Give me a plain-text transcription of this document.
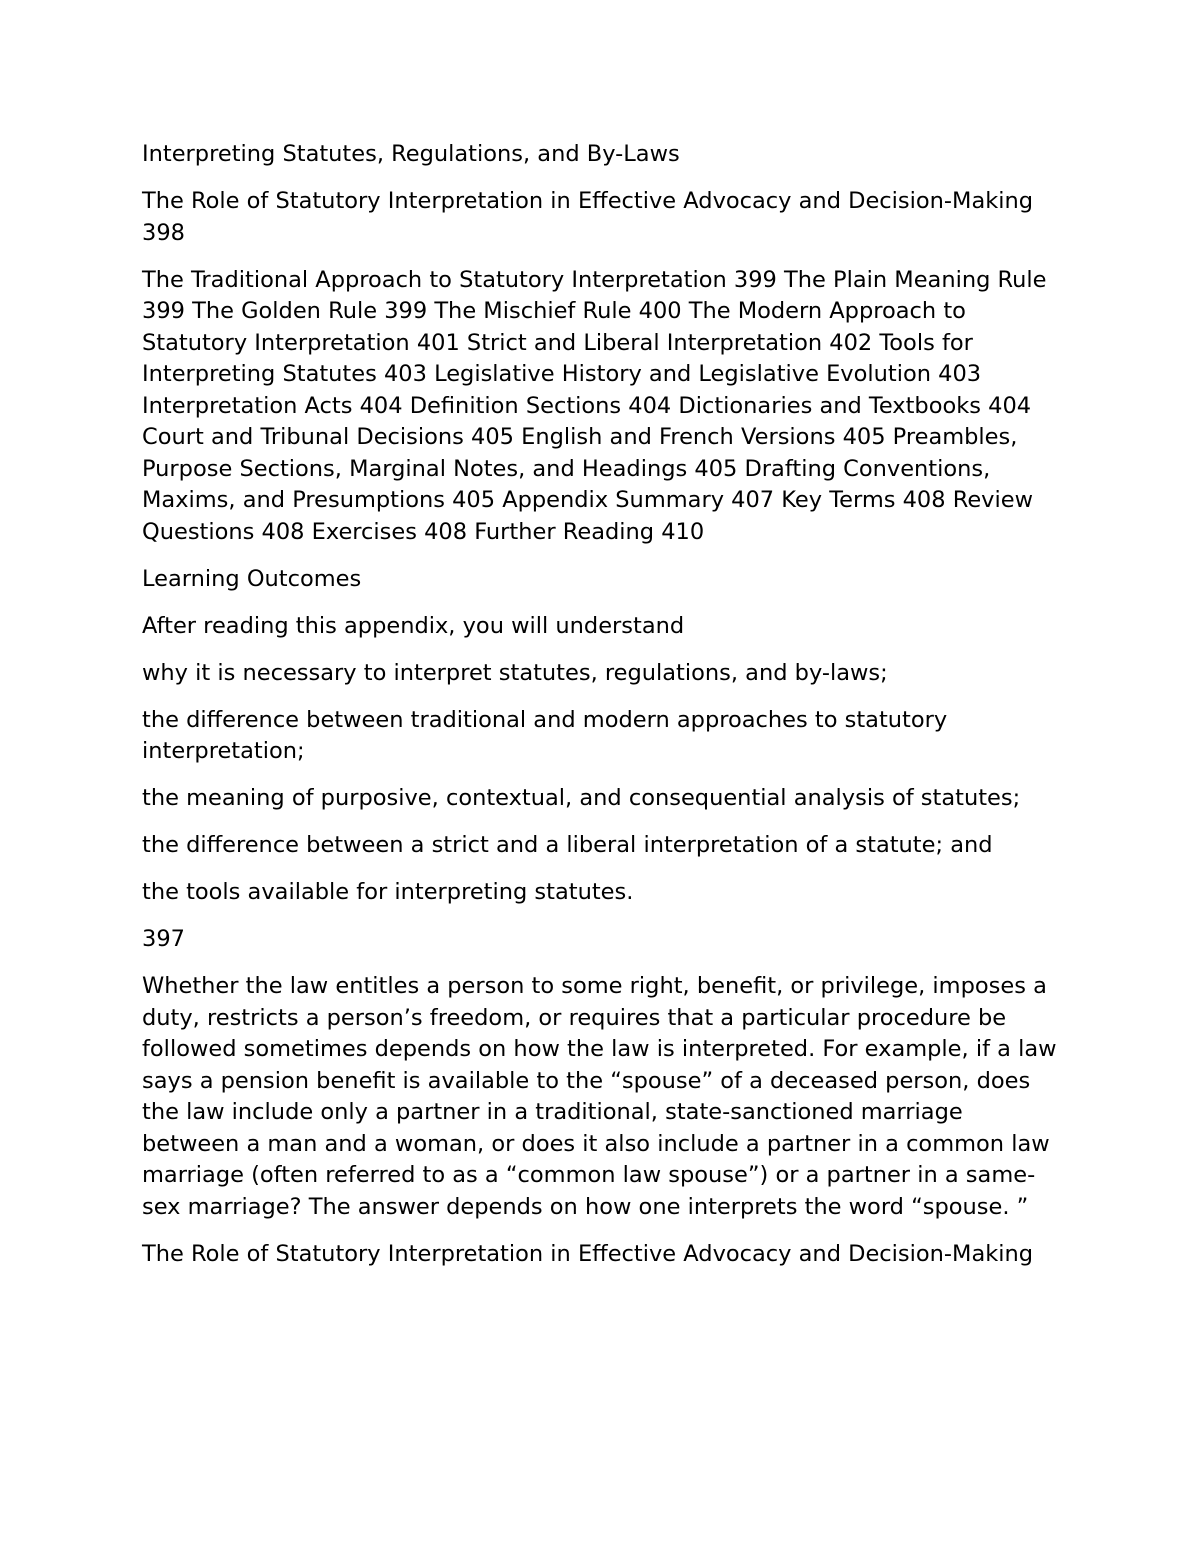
Interpreting Statutes, Regulations, and By-Laws

The Role of Statutory Interpretation in Effective Advocacy and Decision-Making 398

The Traditional Approach to Statutory Interpretation 399 The Plain Meaning Rule 399 The Golden Rule 399 The Mischief Rule 400 The Modern Approach to Statutory Interpretation 401 Strict and Liberal Interpretation 402 Tools for Interpreting Statutes 403 Legislative History and Legislative Evolution 403 Interpretation Acts 404 Definition Sections 404 Dictionaries and Textbooks 404 Court and Tribunal Decisions 405 English and French Versions 405 Preambles, Purpose Sections, Marginal Notes, and Headings 405 Drafting Conventions, Maxims, and Presumptions 405 Appendix Summary 407 Key Terms 408 Review Questions 408 Exercises 408 Further Reading 410

Learning Outcomes

After reading this appendix, you will understand

why it is necessary to interpret statutes, regulations, and by-laws;

the difference between traditional and modern approaches to statutory interpretation;

the meaning of purposive, contextual, and consequential analysis of statutes;

the difference between a strict and a liberal interpretation of a statute; and

the tools available for interpreting statutes.

397

Whether the law entitles a person to some right, benefit, or privilege, imposes a duty, restricts a person’s freedom, or requires that a particular procedure be followed sometimes depends on how the law is interpreted. For example, if a law says a pension benefit is available to the “spouse” of a deceased person, does the law include only a partner in a traditional, state-sanctioned marriage between a man and a woman, or does it also include a partner in a common law marriage (often referred to as a “common law spouse”) or a partner in a same-sex marriage? The answer depends on how one interprets the word “spouse. ”

The Role of Statutory Interpretation in Effective Advocacy and Decision-Making
